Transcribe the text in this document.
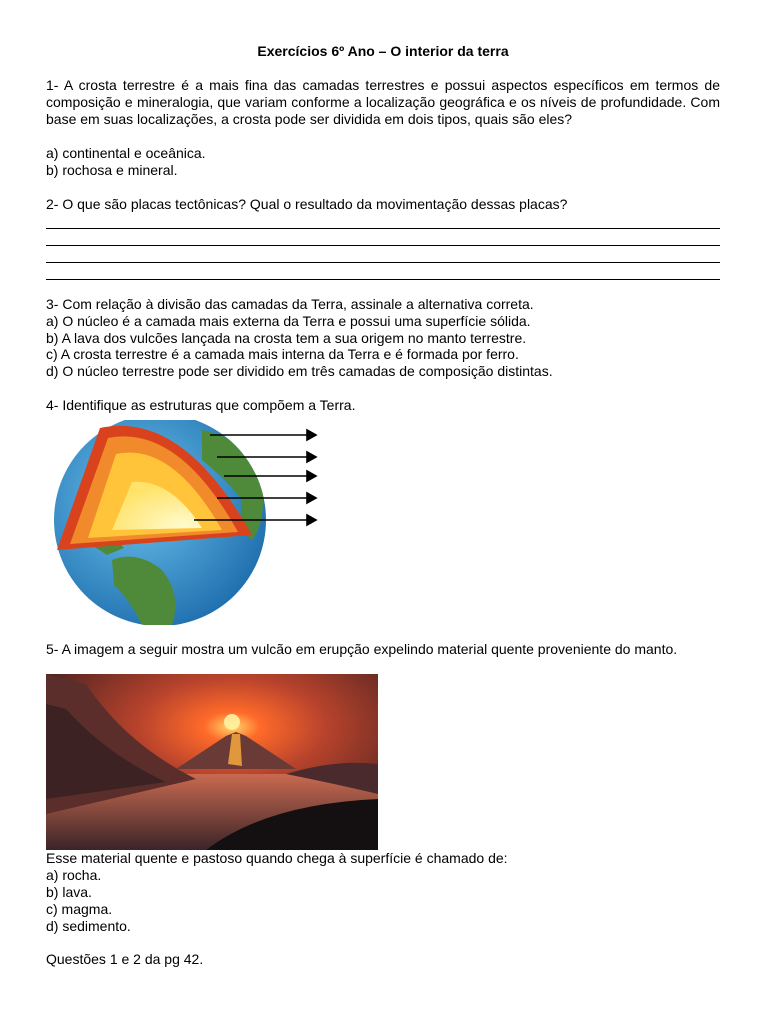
Exercícios 6º Ano – O interior da terra
1- A crosta terrestre é a mais fina das camadas terrestres e possui aspectos específicos em termos de composição e mineralogia, que variam conforme a localização geográfica e os níveis de profundidade. Com base em suas localizações, a crosta pode ser dividida em dois tipos, quais são eles?
a) continental e oceânica.
b) rochosa e mineral.
2- O que são placas tectônicas? Qual o resultado da movimentação dessas placas?
3- Com relação à divisão das camadas da Terra, assinale a alternativa correta.
a) O núcleo é a camada mais externa da Terra e possui uma superfície sólida.
b) A lava dos vulcões lançada na crosta tem a sua origem no manto terrestre.
c) A crosta terrestre é a camada mais interna da Terra e é formada por ferro.
d) O núcleo terrestre pode ser dividido em três camadas de composição distintas.
4- Identifique as estruturas que compõem a Terra.
5- A imagem a seguir mostra um vulcão em erupção expelindo material quente proveniente do manto.
Esse material quente e pastoso quando chega à superfície é chamado de:
a) rocha.
b) lava.
c) magma.
d) sedimento.
Questões 1 e 2 da pg 42.
